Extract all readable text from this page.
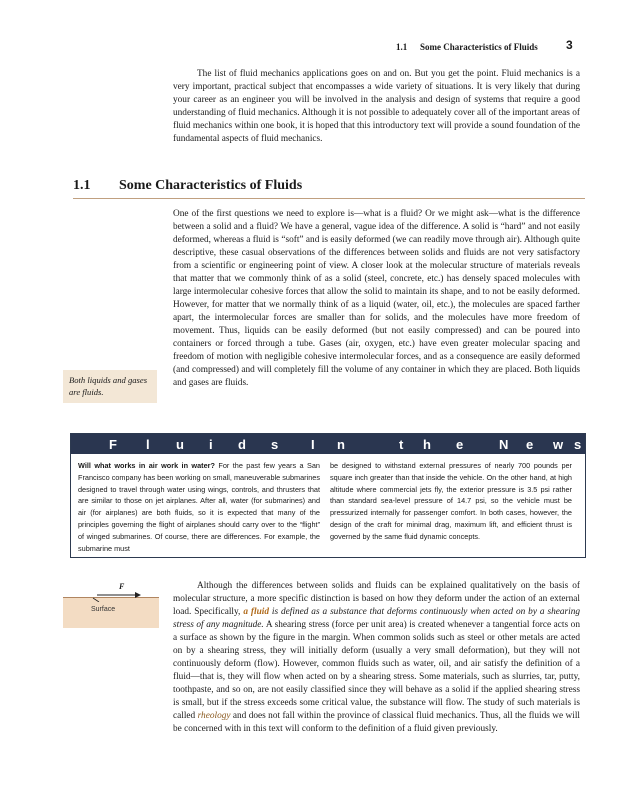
1.1 Some Characteristics of Fluids 3

The list of fluid mechanics applications goes on and on. But you get the point. Fluid mechanics is a very important, practical subject that encompasses a wide variety of situations. It is very likely that during your career as an engineer you will be involved in the analysis and design of systems that require a good understanding of fluid mechanics. Although it is not possible to adequately cover all of the important areas of fluid mechanics within one book, it is hoped that this introductory text will provide a sound foundation of the fundamental aspects of fluid mechanics.

1.1 Some Characteristics of Fluids

One of the first questions we need to explore is—what is a fluid? Or we might ask—what is the difference between a solid and a fluid? We have a general, vague idea of the difference. A solid is “hard” and not easily deformed, whereas a fluid is “soft” and is easily deformed (we can readily move through air). Although quite descriptive, these casual observations of the differences between solids and fluids are not very satisfactory from a scientific or engineering point of view. A closer look at the molecular structure of materials reveals that matter that we commonly think of as a solid (steel, concrete, etc.) has densely spaced molecules with large intermolecular cohesive forces that allow the solid to maintain its shape, and to not be easily deformed. However, for matter that we normally think of as a liquid (water, oil, etc.), the molecules are spaced farther apart, the intermolecular forces are smaller than for solids, and the molecules have more freedom of movement. Thus, liquids can be easily deformed (but not easily compressed) and can be poured into containers or forced through a tube. Gases (air, oxygen, etc.) have even greater molecular spacing and freedom of motion with negligible cohesive intermolecular forces, and as a consequence are easily deformed (and compressed) and will completely fill the volume of any container in which they are placed. Both liquids and gases are fluids.

Both liquids and gases are fluids.
F l u i d s	I n	t h e	N e w s

Will what works in air work in water? For the past few years a San Francisco company has been working on small, maneuverable submarines designed to travel through water using wings, controls, and thrusters that are similar to those on jet airplanes. After all, water (for submarines) and air (for airplanes) are both fluids, so it is expected that many of the principles governing the flight of airplanes should carry over to the “flight” of winged submarines. Of course, there are differences. For example, the submarine must

be designed to withstand external pressures of nearly 700 pounds per square inch greater than that inside the vehicle. On the other hand, at high altitude where commercial jets fly, the exterior pressure is 3.5 psi rather than standard sea-level pressure of 14.7 psi, so the vehicle must be pressurized internally for passenger comfort. In both cases, however, the design of the craft for minimal drag, maximum lift, and efficient thrust is governed by the same fluid dynamic concepts.

F
Surface

Although the differences between solids and fluids can be explained qualitatively on the basis of molecular structure, a more specific distinction is based on how they deform under the action of an external load. Specifically, a fluid is defined as a substance that deforms continuously when acted on by a shearing stress of any magnitude. A shearing stress (force per unit area) is created whenever a tangential force acts on a surface as shown by the figure in the margin. When common solids such as steel or other metals are acted on by a shearing stress, they will initially deform (usually a very small deformation), but they will not continuously deform (flow). However, common fluids such as water, oil, and air satisfy the definition of a fluid—that is, they will flow when acted on by a shearing stress. Some materials, such as slurries, tar, putty, toothpaste, and so on, are not easily classified since they will behave as a solid if the applied shearing stress is small, but if the stress exceeds some critical value, the substance will flow. The study of such materials is called rheology and does not fall within the province of classical fluid mechanics. Thus, all the fluids we will be concerned with in this text will conform to the definition of a fluid given previously.
